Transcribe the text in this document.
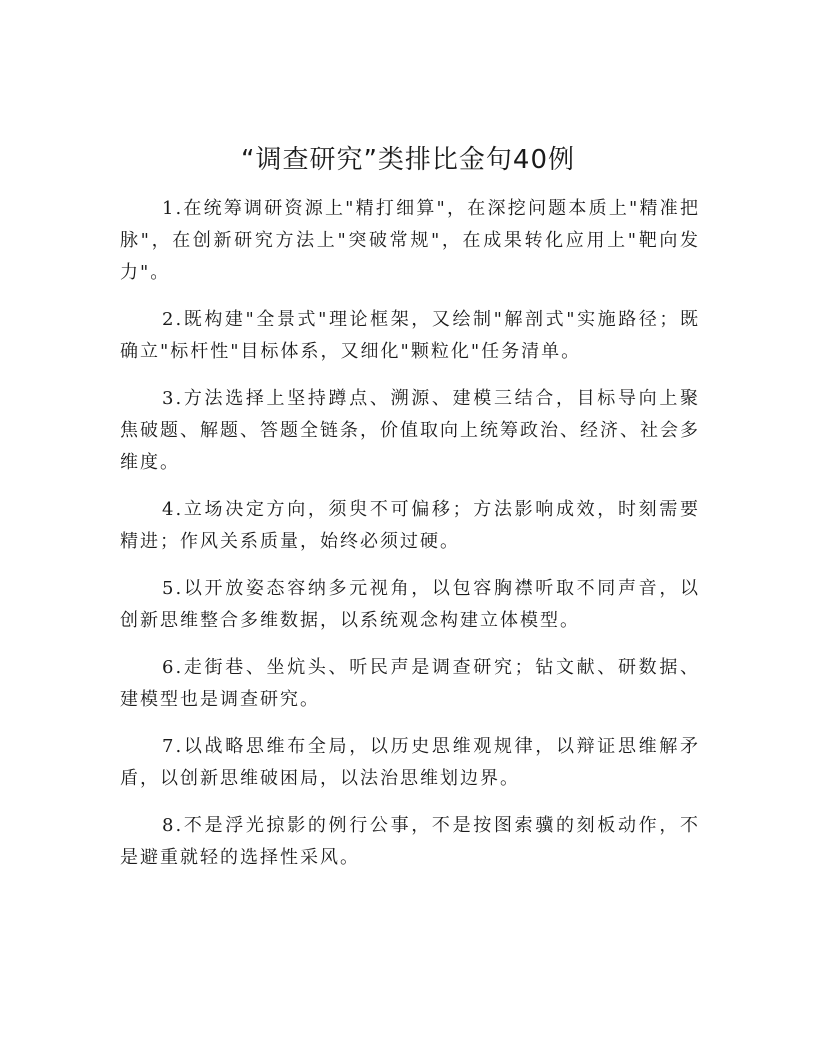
“调查研究”类排比金句40例

1.在统筹调研资源上"精打细算"，在深挖问题本质上"精准把脉"，在创新研究方法上"突破常规"，在成果转化应用上"靶向发力"。

2.既构建"全景式"理论框架，又绘制"解剖式"实施路径；既确立"标杆性"目标体系，又细化"颗粒化"任务清单。

3.方法选择上坚持蹲点、溯源、建模三结合，目标导向上聚焦破题、解题、答题全链条，价值取向上统筹政治、经济、社会多维度。

4.立场决定方向，须臾不可偏移；方法影响成效，时刻需要精进；作风关系质量，始终必须过硬。

5.以开放姿态容纳多元视角，以包容胸襟听取不同声音，以创新思维整合多维数据，以系统观念构建立体模型。

6.走街巷、坐炕头、听民声是调查研究；钻文献、研数据、建模型也是调查研究。

7.以战略思维布全局，以历史思维观规律，以辩证思维解矛盾，以创新思维破困局，以法治思维划边界。

8.不是浮光掠影的例行公事，不是按图索骥的刻板动作，不是避重就轻的选择性采风。
